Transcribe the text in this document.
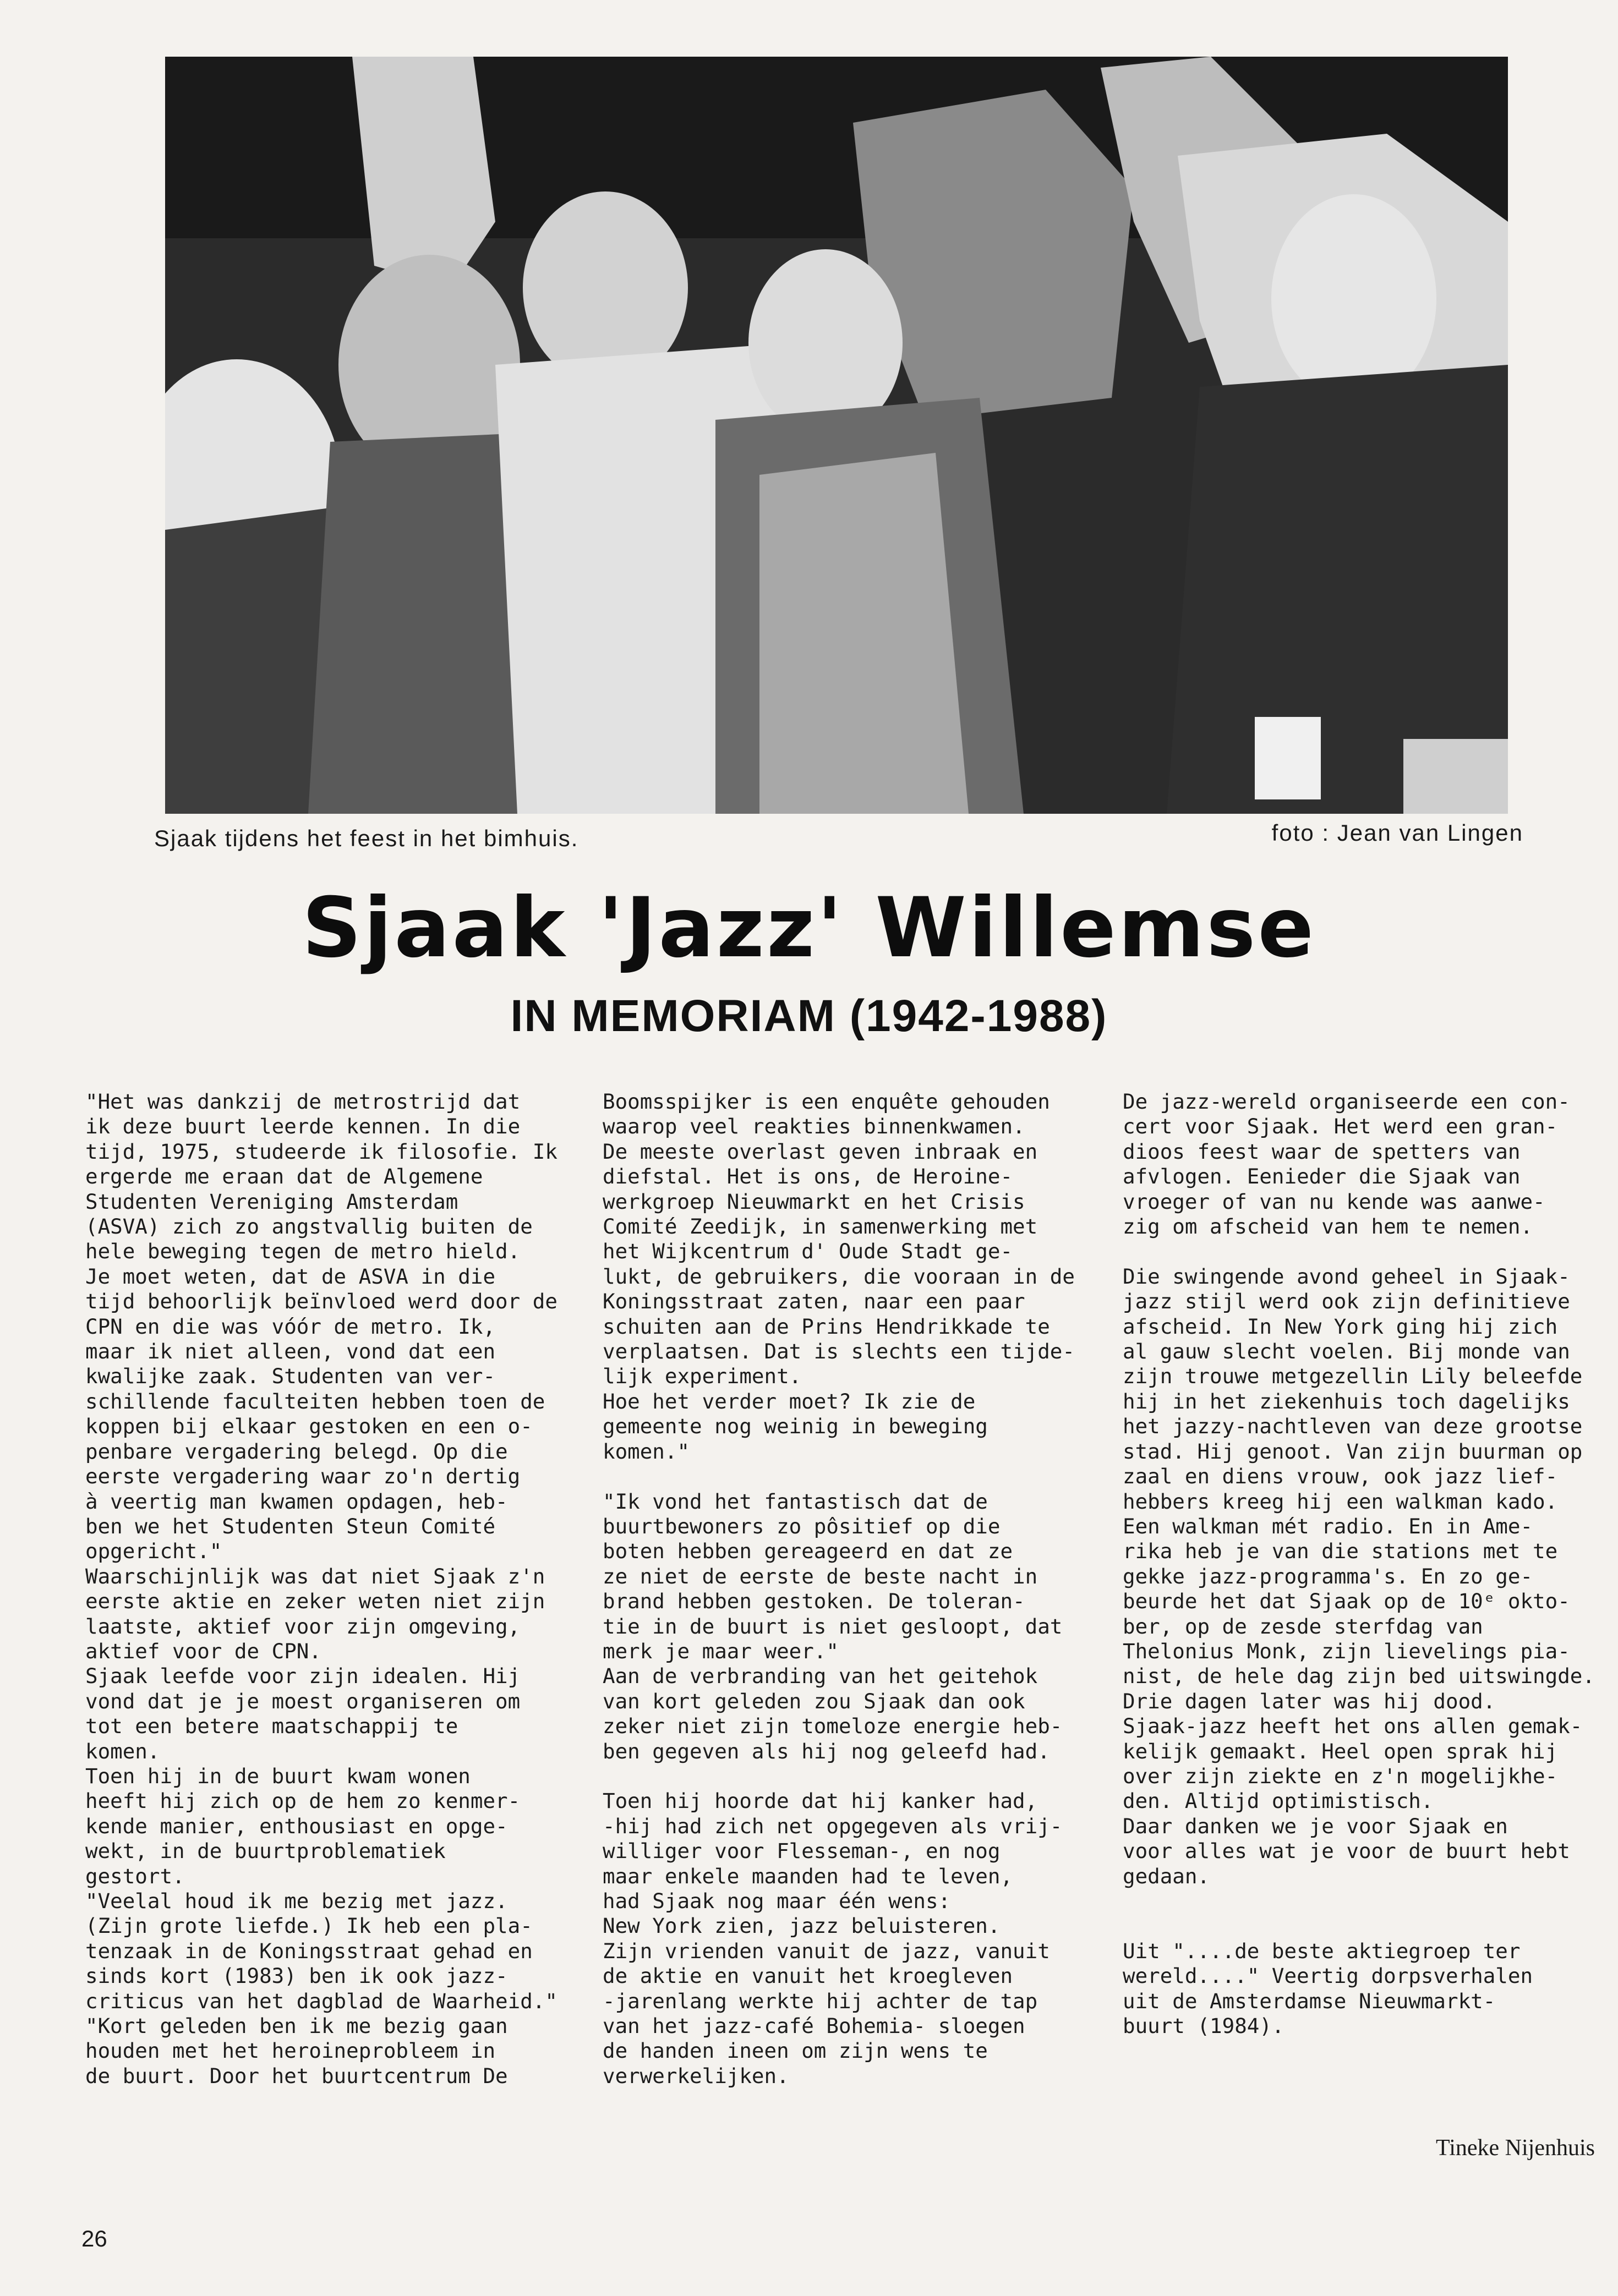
Sjaak tijdens het feest in het bimhuis.	foto : Jean van Lingen
Sjaak 'Jazz' Willemse
IN MEMORIAM (1942-1988)
"Het was dankzij de metrostrijd dat
ik deze buurt leerde kennen. In die
tijd, 1975, studeerde ik filosofie. Ik
ergerde me eraan dat de Algemene
Studenten Vereniging Amsterdam
(ASVA) zich zo angstvallig buiten de
hele beweging tegen de metro hield.
Je moet weten, dat de ASVA in die
tijd behoorlijk beïnvloed werd door de
CPN en die was vóór de metro. Ik,
maar ik niet alleen, vond dat een
kwalijke zaak. Studenten van ver-
schillende faculteiten hebben toen de
koppen bij elkaar gestoken en een o-
penbare vergadering belegd. Op die
eerste vergadering waar zo'n dertig
à veertig man kwamen opdagen, heb-
ben we het Studenten Steun Comité
opgericht."
Waarschijnlijk was dat niet Sjaak z'n
eerste aktie en zeker weten niet zijn
laatste, aktief voor zijn omgeving,
aktief voor de CPN.
Sjaak leefde voor zijn idealen. Hij
vond dat je je moest organiseren om
tot een betere maatschappij te
komen.
Toen hij in de buurt kwam wonen
heeft hij zich op de hem zo kenmer-
kende manier, enthousiast en opge-
wekt, in de buurtproblematiek
gestort.
"Veelal houd ik me bezig met jazz.
(Zijn grote liefde.) Ik heb een pla-
tenzaak in de Koningsstraat gehad en
sinds kort (1983) ben ik ook jazz-
criticus van het dagblad de Waarheid."
"Kort geleden ben ik me bezig gaan
houden met het heroineprobleem in
de buurt. Door het buurtcentrum De
Boomsspijker is een enquête gehouden
waarop veel reakties binnenkwamen.
De meeste overlast geven inbraak en
diefstal. Het is ons, de Heroine-
werkgroep Nieuwmarkt en het Crisis
Comité Zeedijk, in samenwerking met
het Wijkcentrum d' Oude Stadt ge-
lukt, de gebruikers, die vooraan in de
Koningsstraat zaten, naar een paar
schuiten aan de Prins Hendrikkade te
verplaatsen. Dat is slechts een tijde-
lijk experiment.
Hoe het verder moet? Ik zie de
gemeente nog weinig in beweging
komen."

"Ik vond het fantastisch dat de
buurtbewoners zo pôsitief op die
boten hebben gereageerd en dat ze
ze niet de eerste de beste nacht in
brand hebben gestoken. De toleran-
tie in de buurt is niet gesloopt, dat
merk je maar weer."
Aan de verbranding van het geitehok
van kort geleden zou Sjaak dan ook
zeker niet zijn tomeloze energie heb-
ben gegeven als hij nog geleefd had.

Toen hij hoorde dat hij kanker had,
-hij had zich net opgegeven als vrij-
williger voor Flesseman-, en nog
maar enkele maanden had te leven,
had Sjaak nog maar één wens:
New York zien, jazz beluisteren.
Zijn vrienden vanuit de jazz, vanuit
de aktie en vanuit het kroegleven
-jarenlang werkte hij achter de tap
van het jazz-café Bohemia- sloegen
de handen ineen om zijn wens te
verwerkelijken.
De jazz-wereld organiseerde een con-
cert voor Sjaak. Het werd een gran-
dioos feest waar de spetters van
afvlogen. Eenieder die Sjaak van
vroeger of van nu kende was aanwe-
zig om afscheid van hem te nemen.

Die swingende avond geheel in Sjaak-
jazz stijl werd ook zijn definitieve
afscheid. In New York ging hij zich
al gauw slecht voelen. Bij monde van
zijn trouwe metgezellin Lily beleefde
hij in het ziekenhuis toch dagelijks
het jazzy-nachtleven van deze grootse
stad. Hij genoot. Van zijn buurman op
zaal en diens vrouw, ook jazz lief-
hebbers kreeg hij een walkman kado.
Een walkman mét radio. En in Ame-
rika heb je van die stations met te
gekke jazz-programma's. En zo ge-
beurde het dat Sjaak op de 10ᵉ okto-
ber, op de zesde sterfdag van
Thelonius Monk, zijn lievelings pia-
nist, de hele dag zijn bed uitswingde.
Drie dagen later was hij dood.
Sjaak-jazz heeft het ons allen gemak-
kelijk gemaakt. Heel open sprak hij
over zijn ziekte en z'n mogelijkhe-
den. Altijd optimistisch.
Daar danken we je voor Sjaak en
voor alles wat je voor de buurt hebt
gedaan.

Uit "....de beste aktiegroep ter
wereld...." Veertig dorpsverhalen
uit de Amsterdamse Nieuwmarkt-
buurt (1984).
Tineke Nijenhuis
26
